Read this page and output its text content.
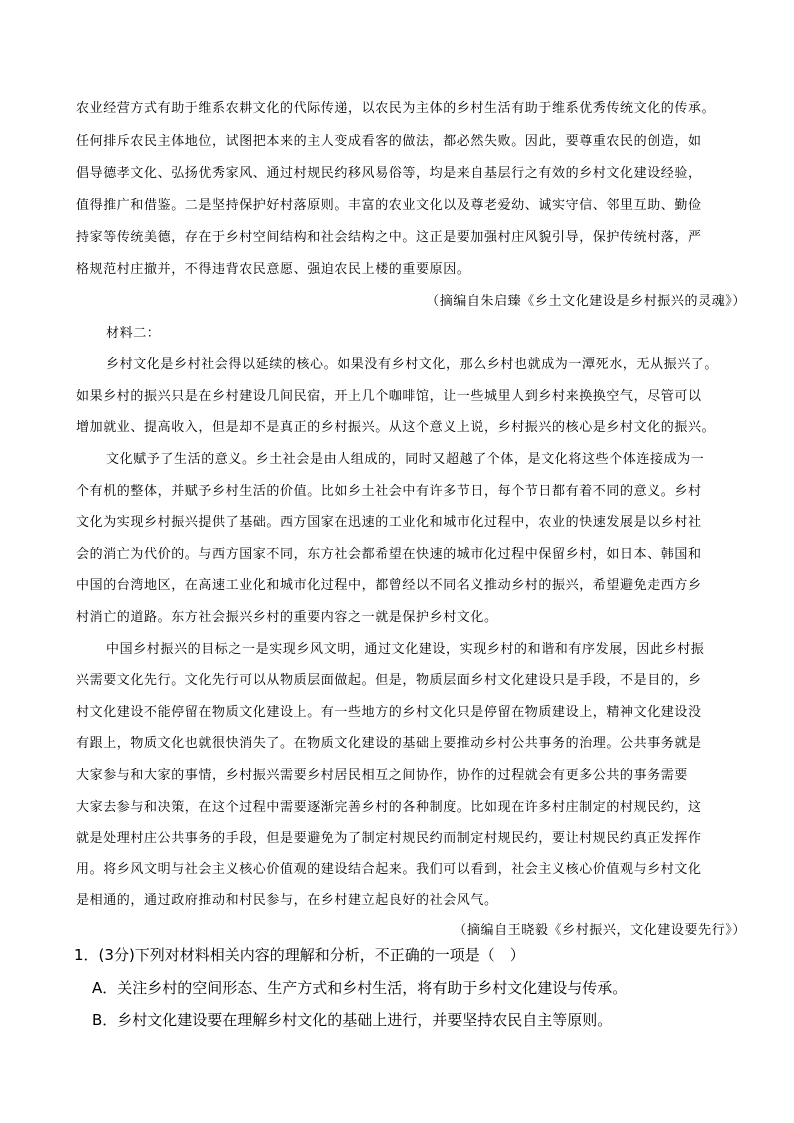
农业经营方式有助于维系农耕文化的代际传递，以农民为主体的乡村生活有助于维系优秀传统文化的传承。
任何排斥农民主体地位，试图把本来的主人变成看客的做法，都必然失败。因此，要尊重农民的创造，如
倡导德孝文化、弘扬优秀家风、通过村规民约移风易俗等，均是来自基层行之有效的乡村文化建设经验，
值得推广和借鉴。二是坚持保护好村落原则。丰富的农业文化以及尊老爱幼、诚实守信、邻里互助、勤俭
持家等传统美德，存在于乡村空间结构和社会结构之中。这正是要加强村庄风貌引导，保护传统村落，严
格规范村庄撤并，不得违背农民意愿、强迫农民上楼的重要原因。
（摘编自朱启臻《乡土文化建设是乡村振兴的灵魂》）
材料二：
乡村文化是乡村社会得以延续的核心。如果没有乡村文化，那么乡村也就成为一潭死水，无从振兴了。
如果乡村的振兴只是在乡村建设几间民宿，开上几个咖啡馆，让一些城里人到乡村来换换空气，尽管可以
增加就业、提高收入，但是却不是真正的乡村振兴。从这个意义上说，乡村振兴的核心是乡村文化的振兴。
文化赋予了生活的意义。乡土社会是由人组成的，同时又超越了个体，是文化将这些个体连接成为一
个有机的整体，并赋予乡村生活的价值。比如乡土社会中有许多节日，每个节日都有着不同的意义。乡村
文化为实现乡村振兴提供了基础。西方国家在迅速的工业化和城市化过程中，农业的快速发展是以乡村社
会的消亡为代价的。与西方国家不同，东方社会都希望在快速的城市化过程中保留乡村，如日本、韩国和
中国的台湾地区，在高速工业化和城市化过程中，都曾经以不同名义推动乡村的振兴，希望避免走西方乡
村消亡的道路。东方社会振兴乡村的重要内容之一就是保护乡村文化。
中国乡村振兴的目标之一是实现乡风文明，通过文化建设，实现乡村的和谐和有序发展，因此乡村振
兴需要文化先行。文化先行可以从物质层面做起。但是，物质层面乡村文化建设只是手段，不是目的，乡
村文化建设不能停留在物质文化建设上。有一些地方的乡村文化只是停留在物质建设上，精神文化建设没
有跟上，物质文化也就很快消失了。在物质文化建设的基础上要推动乡村公共事务的治理。公共事务就是
大家参与和大家的事情，乡村振兴需要乡村居民相互之间协作，协作的过程就会有更多公共的事务需要
大家去参与和决策，在这个过程中需要逐渐完善乡村的各种制度。比如现在许多村庄制定的村规民约，这
就是处理村庄公共事务的手段，但是要避免为了制定村规民约而制定村规民约，要让村规民约真正发挥作
用。将乡风文明与社会主义核心价值观的建设结合起来。我们可以看到，社会主义核心价值观与乡村文化
是相通的，通过政府推动和村民参与，在乡村建立起良好的社会风气。
（摘编自王晓毅《乡村振兴，文化建设要先行》）
1．(3分)下列对材料相关内容的理解和分析，不正确的一项是（　）
A．关注乡村的空间形态、生产方式和乡村生活，将有助于乡村文化建设与传承。
B．乡村文化建设要在理解乡村文化的基础上进行，并要坚持农民自主等原则。
